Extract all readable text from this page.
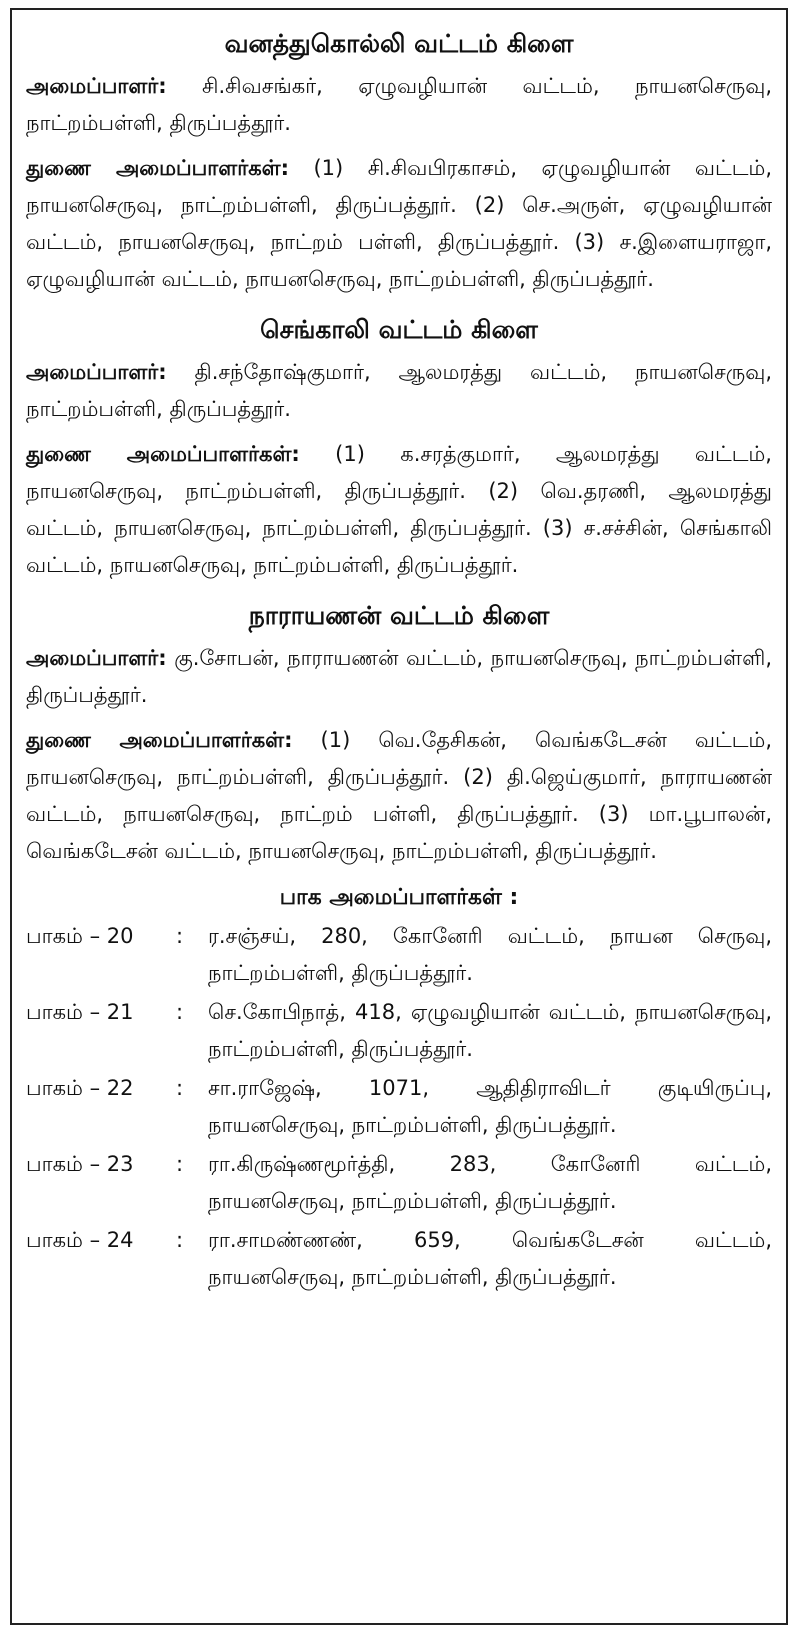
வனத்துகொல்லி வட்டம் கிளை

அமைப்பாளர்: சி.சிவசங்கர், ஏழுவழியான் வட்டம், நாயனசெருவு, நாட்றம்பள்ளி, திருப்பத்தூர்.

துணை அமைப்பாளர்கள்: (1) சி.சிவபிரகாசம், ஏழுவழியான் வட்டம், நாயனசெருவு, நாட்றம்பள்ளி, திருப்பத்தூர். (2) செ.அருள், ஏழுவழியான் வட்டம், நாயனசெருவு, நாட்றம் பள்ளி, திருப்பத்தூர். (3) ச.இளையராஜா, ஏழுவழியான் வட்டம், நாயனசெருவு, நாட்றம்பள்ளி, திருப்பத்தூர்.

செங்காலி வட்டம் கிளை

அமைப்பாளர்: தி.சந்தோஷ்குமார், ஆலமரத்து வட்டம், நாயனசெருவு, நாட்றம்பள்ளி, திருப்பத்தூர்.

துணை அமைப்பாளர்கள்: (1) க.சரத்குமார், ஆலமரத்து வட்டம், நாயனசெருவு, நாட்றம்பள்ளி, திருப்பத்தூர். (2) வெ.தரணி, ஆலமரத்து வட்டம், நாயனசெருவு, நாட்றம்பள்ளி, திருப்பத்தூர். (3) ச.சச்சின், செங்காலி வட்டம், நாயனசெருவு, நாட்றம்பள்ளி, திருப்பத்தூர்.

நாராயணன் வட்டம் கிளை

அமைப்பாளர்: கு.சோபன், நாராயணன் வட்டம், நாயனசெருவு, நாட்றம்பள்ளி, திருப்பத்தூர்.

துணை அமைப்பாளர்கள்: (1) வெ.தேசிகன், வெங்கடேசன் வட்டம், நாயனசெருவு, நாட்றம்பள்ளி, திருப்பத்தூர். (2) தி.ஜெய்குமார், நாராயணன் வட்டம், நாயனசெருவு, நாட்றம் பள்ளி, திருப்பத்தூர். (3) மா.பூபாலன், வெங்கடேசன் வட்டம், நாயனசெருவு, நாட்றம்பள்ளி, திருப்பத்தூர்.

பாக அமைப்பாளர்கள் :
பாகம் – 20	:	ர.சஞ்சய், 280, கோனேரி வட்டம், நாயன செருவு, நாட்றம்பள்ளி, திருப்பத்தூர்.
பாகம் – 21	:	செ.கோபிநாத், 418, ஏழுவழியான் வட்டம், நாயனசெருவு, நாட்றம்பள்ளி, திருப்பத்தூர்.
பாகம் – 22	:	சா.ராஜேஷ், 1071, ஆதிதிராவிடர் குடியிருப்பு, நாயனசெருவு, நாட்றம்பள்ளி, திருப்பத்தூர்.
பாகம் – 23	:	ரா.கிருஷ்ணமூர்த்தி, 283, கோனேரி வட்டம், நாயனசெருவு, நாட்றம்பள்ளி, திருப்பத்தூர்.
பாகம் – 24	:	ரா.சாமண்ணண், 659, வெங்கடேசன் வட்டம், நாயனசெருவு, நாட்றம்பள்ளி, திருப்பத்தூர்.
